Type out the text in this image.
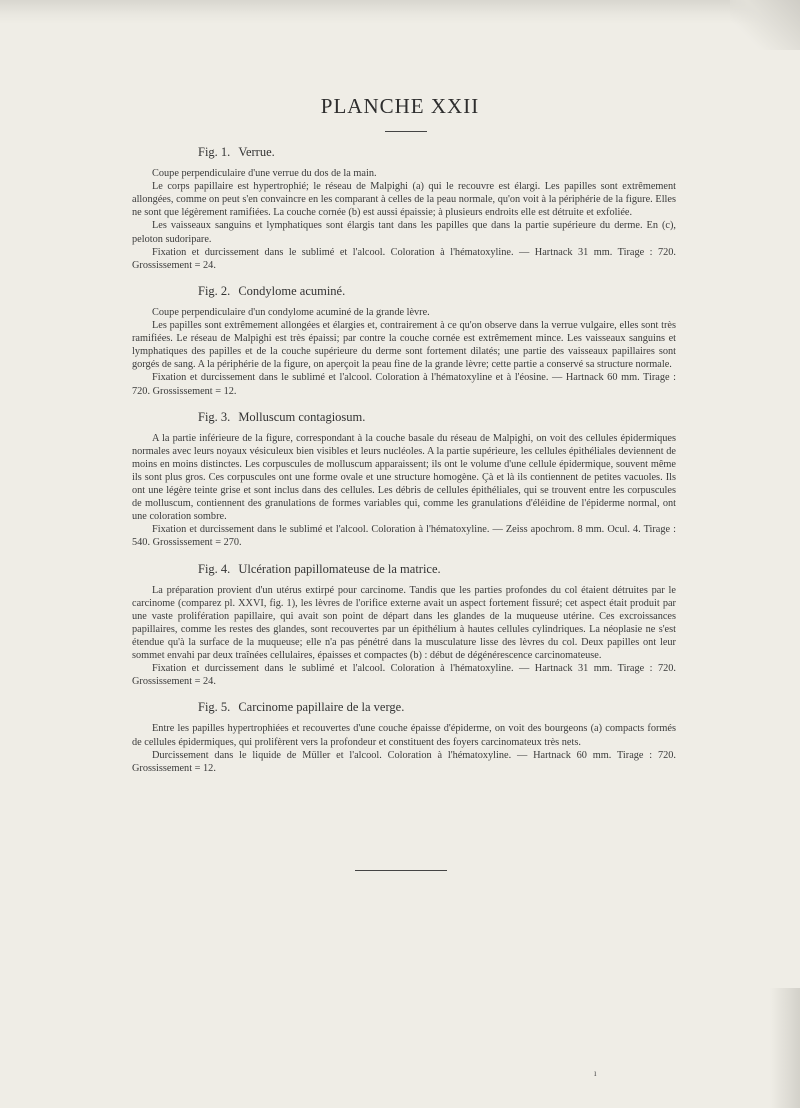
PLANCHE XXII
Fig. 1. Verrue.

Coupe perpendiculaire d'une verrue du dos de la main.

Le corps papillaire est hypertrophié; le réseau de Malpighi (a) qui le recouvre est élargi. Les papilles sont extrêmement allongées, comme on peut s'en convaincre en les comparant à celles de la peau normale, qu'on voit à la périphérie de la figure. Elles ne sont que légèrement ramifiées. La couche cornée (b) est aussi épaissie; à plusieurs endroits elle est détruite et exfoliée.

Les vaisseaux sanguins et lymphatiques sont élargis tant dans les papilles que dans la partie supérieure du derme. En (c), peloton sudoripare.

Fixation et durcissement dans le sublimé et l'alcool. Coloration à l'hématoxyline. — Hartnack 31 mm. Tirage : 720. Grossissement = 24.

Fig. 2. Condylome acuminé.

Coupe perpendiculaire d'un condylome acuminé de la grande lèvre.

Les papilles sont extrêmement allongées et élargies et, contrairement à ce qu'on observe dans la verrue vulgaire, elles sont très ramifiées. Le réseau de Malpighi est très épaissi; par contre la couche cornée est extrêmement mince. Les vaisseaux sanguins et lymphatiques des papilles et de la couche supérieure du derme sont fortement dilatés; une partie des vaisseaux papillaires sont gorgés de sang. A la périphérie de la figure, on aperçoit la peau fine de la grande lèvre; cette partie a conservé sa structure normale.

Fixation et durcissement dans le sublimé et l'alcool. Coloration à l'hématoxyline et à l'éosine. — Hartnack 60 mm. Tirage : 720. Grossissement = 12.

Fig. 3. Molluscum contagiosum.

A la partie inférieure de la figure, correspondant à la couche basale du réseau de Malpighi, on voit des cellules épidermiques normales avec leurs noyaux vésiculeux bien visibles et leurs nucléoles. A la partie supérieure, les cellules épithéliales deviennent de moins en moins distinctes. Les corpuscules de molluscum apparaissent; ils ont le volume d'une cellule épidermique, souvent même ils sont plus gros. Ces corpuscules ont une forme ovale et une structure homogène. Çà et là ils contiennent de petites vacuoles. Ils ont une légère teinte grise et sont inclus dans des cellules. Les débris de cellules épithéliales, qui se trouvent entre les corpuscules de molluscum, contiennent des granulations de formes variables qui, comme les granulations d'éléidine de l'épiderme normal, ont une coloration sombre.

Fixation et durcissement dans le sublimé et l'alcool. Coloration à l'hématoxyline. — Zeiss apochrom. 8 mm. Ocul. 4. Tirage : 540. Grossissement = 270.

Fig. 4. Ulcération papillomateuse de la matrice.

La préparation provient d'un utérus extirpé pour carcinome. Tandis que les parties profondes du col étaient détruites par le carcinome (comparez pl. XXVI, fig. 1), les lèvres de l'orifice externe avait un aspect fortement fissuré; cet aspect était produit par une vaste prolifération papillaire, qui avait son point de départ dans les glandes de la muqueuse utérine. Ces excroissances papillaires, comme les restes des glandes, sont recouvertes par un épithélium à hautes cellules cylindriques. La néoplasie ne s'est étendue qu'à la surface de la muqueuse; elle n'a pas pénétré dans la musculature lisse des lèvres du col. Deux papilles ont leur sommet envahi par deux traînées cellulaires, épaisses et compactes (b) : début de dégénérescence carcinomateuse.

Fixation et durcissement dans le sublimé et l'alcool. Coloration à l'hématoxyline. — Hartnack 31 mm. Tirage : 720. Grossissement = 24.

Fig. 5. Carcinome papillaire de la verge.

Entre les papilles hypertrophiées et recouvertes d'une couche épaisse d'épiderme, on voit des bourgeons (a) compacts formés de cellules épidermiques, qui prolifèrent vers la profondeur et constituent des foyers carcinomateux très nets.

Durcissement dans le liquide de Müller et l'alcool. Coloration à l'hématoxyline. — Hartnack 60 mm. Tirage : 720. Grossissement = 12.

ı
